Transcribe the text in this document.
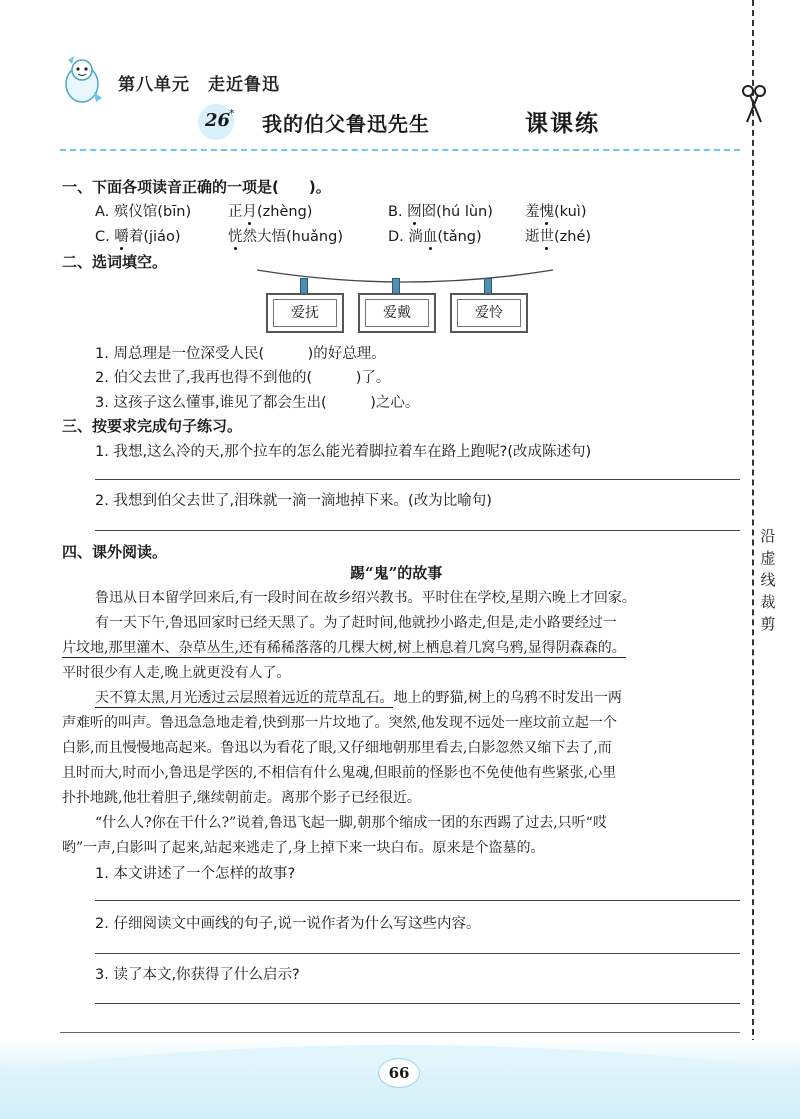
沿
虚
线
裁
剪
第八单元　走近鲁迅
26
* 我的伯父鲁迅先生	课课练
一、下面各项读音正确的一项是(　　)。
A. 殡仪馆(bīn)	正月(zhèng)	B. 囫囵(hú lùn) 羞愧(kuì)
C. 嚼着(jiáo)	恍然大悟(huǎng)	D. 淌血(tǎng)	逝世(zhé)
二、选词填空。
爱抚	爱戴	爱怜
1. 周总理是一位深受人民(　　　)的好总理。
2. 伯父去世了,我再也得不到他的(　　　)了。
3. 这孩子这么懂事,谁见了都会生出(　　　)之心。
三、按要求完成句子练习。
1. 我想,这么冷的天,那个拉车的怎么能光着脚拉着车在路上跑呢?(改成陈述句)
2. 我想到伯父去世了,泪珠就一滴一滴地掉下来。(改为比喻句)
四、课外阅读。
踢“鬼”的故事
鲁迅从日本留学回来后,有一段时间在故乡绍兴教书。平时住在学校,星期六晚上才回家。
有一天下午,鲁迅回家时已经天黑了。为了赶时间,他就抄小路走,但是,走小路要经过一
片坟地,那里灌木、杂草丛生,还有稀稀落落的几棵大树,树上栖息着几窝乌鸦,显得阴森森的。
平时很少有人走,晚上就更没有人了。
天不算太黑,月光透过云层照着远近的荒草乱石。地上的野猫,树上的乌鸦不时发出一两
声难听的叫声。鲁迅急急地走着,快到那一片坟地了。突然,他发现不远处一座坟前立起一个
白影,而且慢慢地高起来。鲁迅以为看花了眼,又仔细地朝那里看去,白影忽然又缩下去了,而
且时而大,时而小,鲁迅是学医的,不相信有什么鬼魂,但眼前的怪影也不免使他有些紧张,心里
扑扑地跳,他壮着胆子,继续朝前走。离那个影子已经很近。
“什么人?你在干什么?”说着,鲁迅飞起一脚,朝那个缩成一团的东西踢了过去,只听“哎
哟”一声,白影叫了起来,站起来逃走了,身上掉下来一块白布。原来是个盗墓的。
1. 本文讲述了一个怎样的故事?
2. 仔细阅读文中画线的句子,说一说作者为什么写这些内容。
3. 读了本文,你获得了什么启示?
66
